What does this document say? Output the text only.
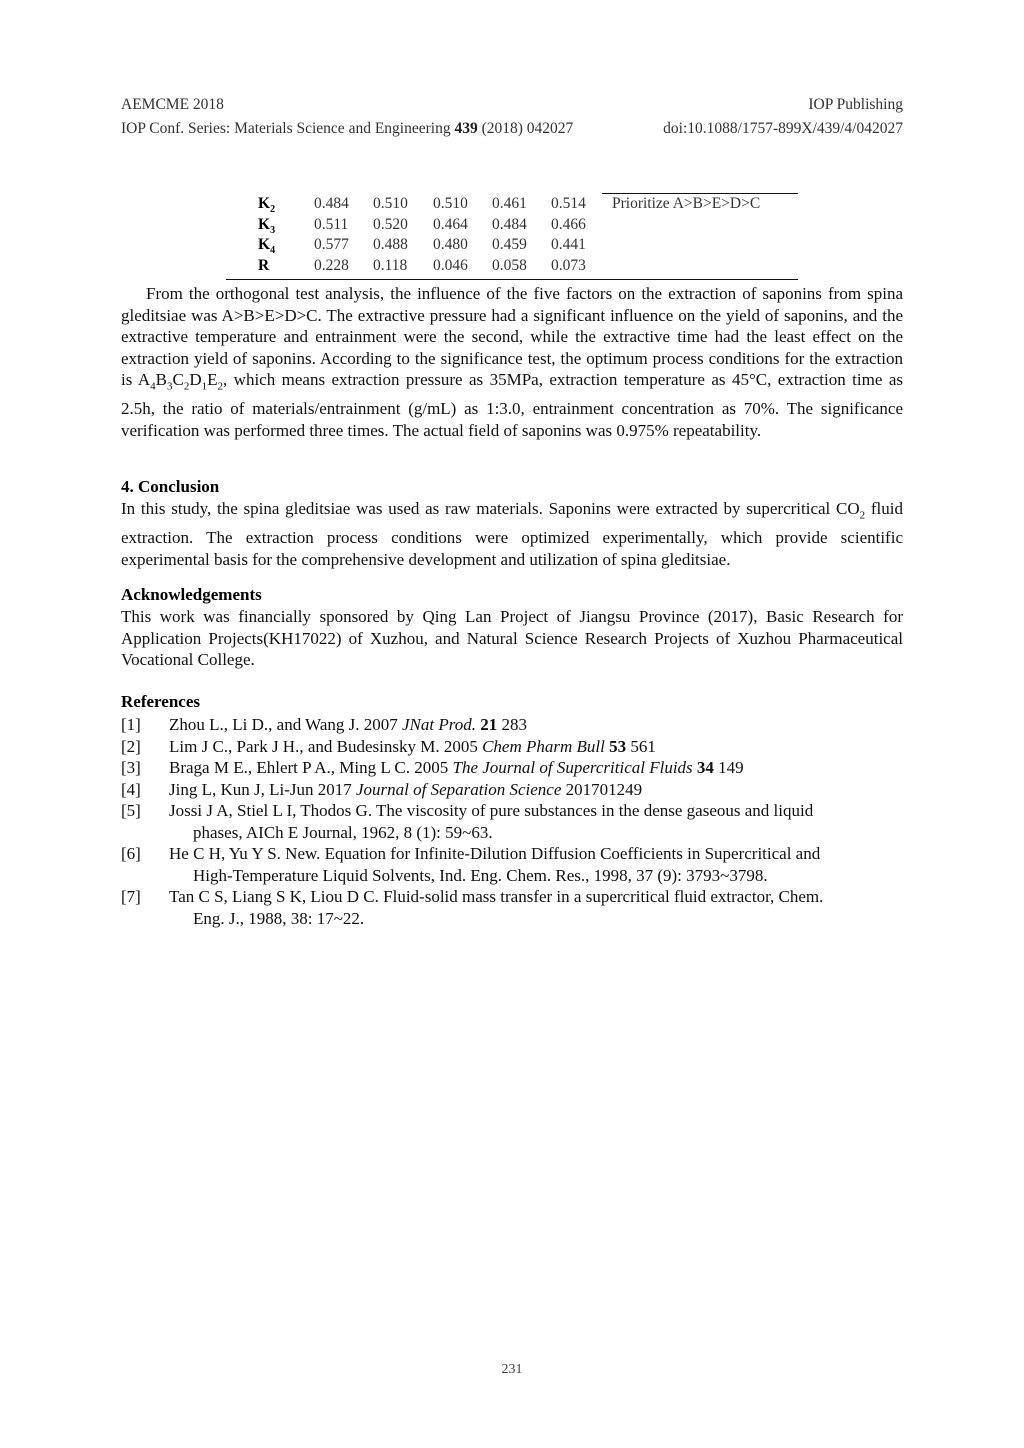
AEMCME 2018	IOP Publishing
IOP Conf. Series: Materials Science and Engineering 439 (2018) 042027	doi:10.1088/1757-899X/439/4/042027
$K_2$	0.484 0.510 0.510 0.461 0.514 Prioritize A>B>E>D>C
$K_3$	0.511 0.520 0.464 0.484 0.466
$K_4$	0.577 0.488 0.480 0.459 0.441
R	0.228 0.118 0.046 0.058 0.073
From the orthogonal test analysis, the influence of the five factors on the extraction of saponins from spina gleditsiae was A>B>E>D>C. The extractive pressure had a significant influence on the yield of saponins, and the extractive temperature and entrainment were the second, while the extractive time had the least effect on the extraction yield of saponins. According to the significance test, the optimum process conditions for the extraction is $A_4B_3C_2D_1E_2$, which means extraction pressure as 35MPa, extraction temperature as 45°C, extraction time as 2.5h, the ratio of materials/entrainment (g/mL) as 1:3.0, entrainment concentration as 70%. The significance verification was performed three times. The actual field of saponins was 0.975% repeatability.
4. Conclusion
In this study, the spina gleditsiae was used as raw materials. Saponins were extracted by supercritical $CO_2$ fluid extraction. The extraction process conditions were optimized experimentally, which provide scientific experimental basis for the comprehensive development and utilization of spina gleditsiae.
Acknowledgements
This work was financially sponsored by Qing Lan Project of Jiangsu Province (2017), Basic Research for Application Projects(KH17022) of Xuzhou, and Natural Science Research Projects of Xuzhou Pharmaceutical Vocational College.
References
[1] Zhou L., Li D., and Wang J. 2007 JNat Prod. 21 283
[2] Lim J C., Park J H., and Budesinsky M. 2005 Chem Pharm Bull 53 561
[3] Braga M E., Ehlert P A., Ming L C. 2005 The Journal of Supercritical Fluids 34 149
[4] Jing L, Kun J, Li-Jun 2017 Journal of Separation Science 201701249
[5] Jossi J A, Stiel L I, Thodos G. The viscosity of pure substances in the dense gaseous and liquid
phases, AICh E Journal, 1962, 8 (1): 59~63.
[6] He C H, Yu Y S. New. Equation for Infinite-Dilution Diffusion Coefficients in Supercritical and
High-Temperature Liquid Solvents, Ind. Eng. Chem. Res., 1998, 37 (9): 3793~3798.
[7] Tan C S, Liang S K, Liou D C. Fluid-solid mass transfer in a supercritical fluid extractor, Chem.
Eng. J., 1988, 38: 17~22.
231
